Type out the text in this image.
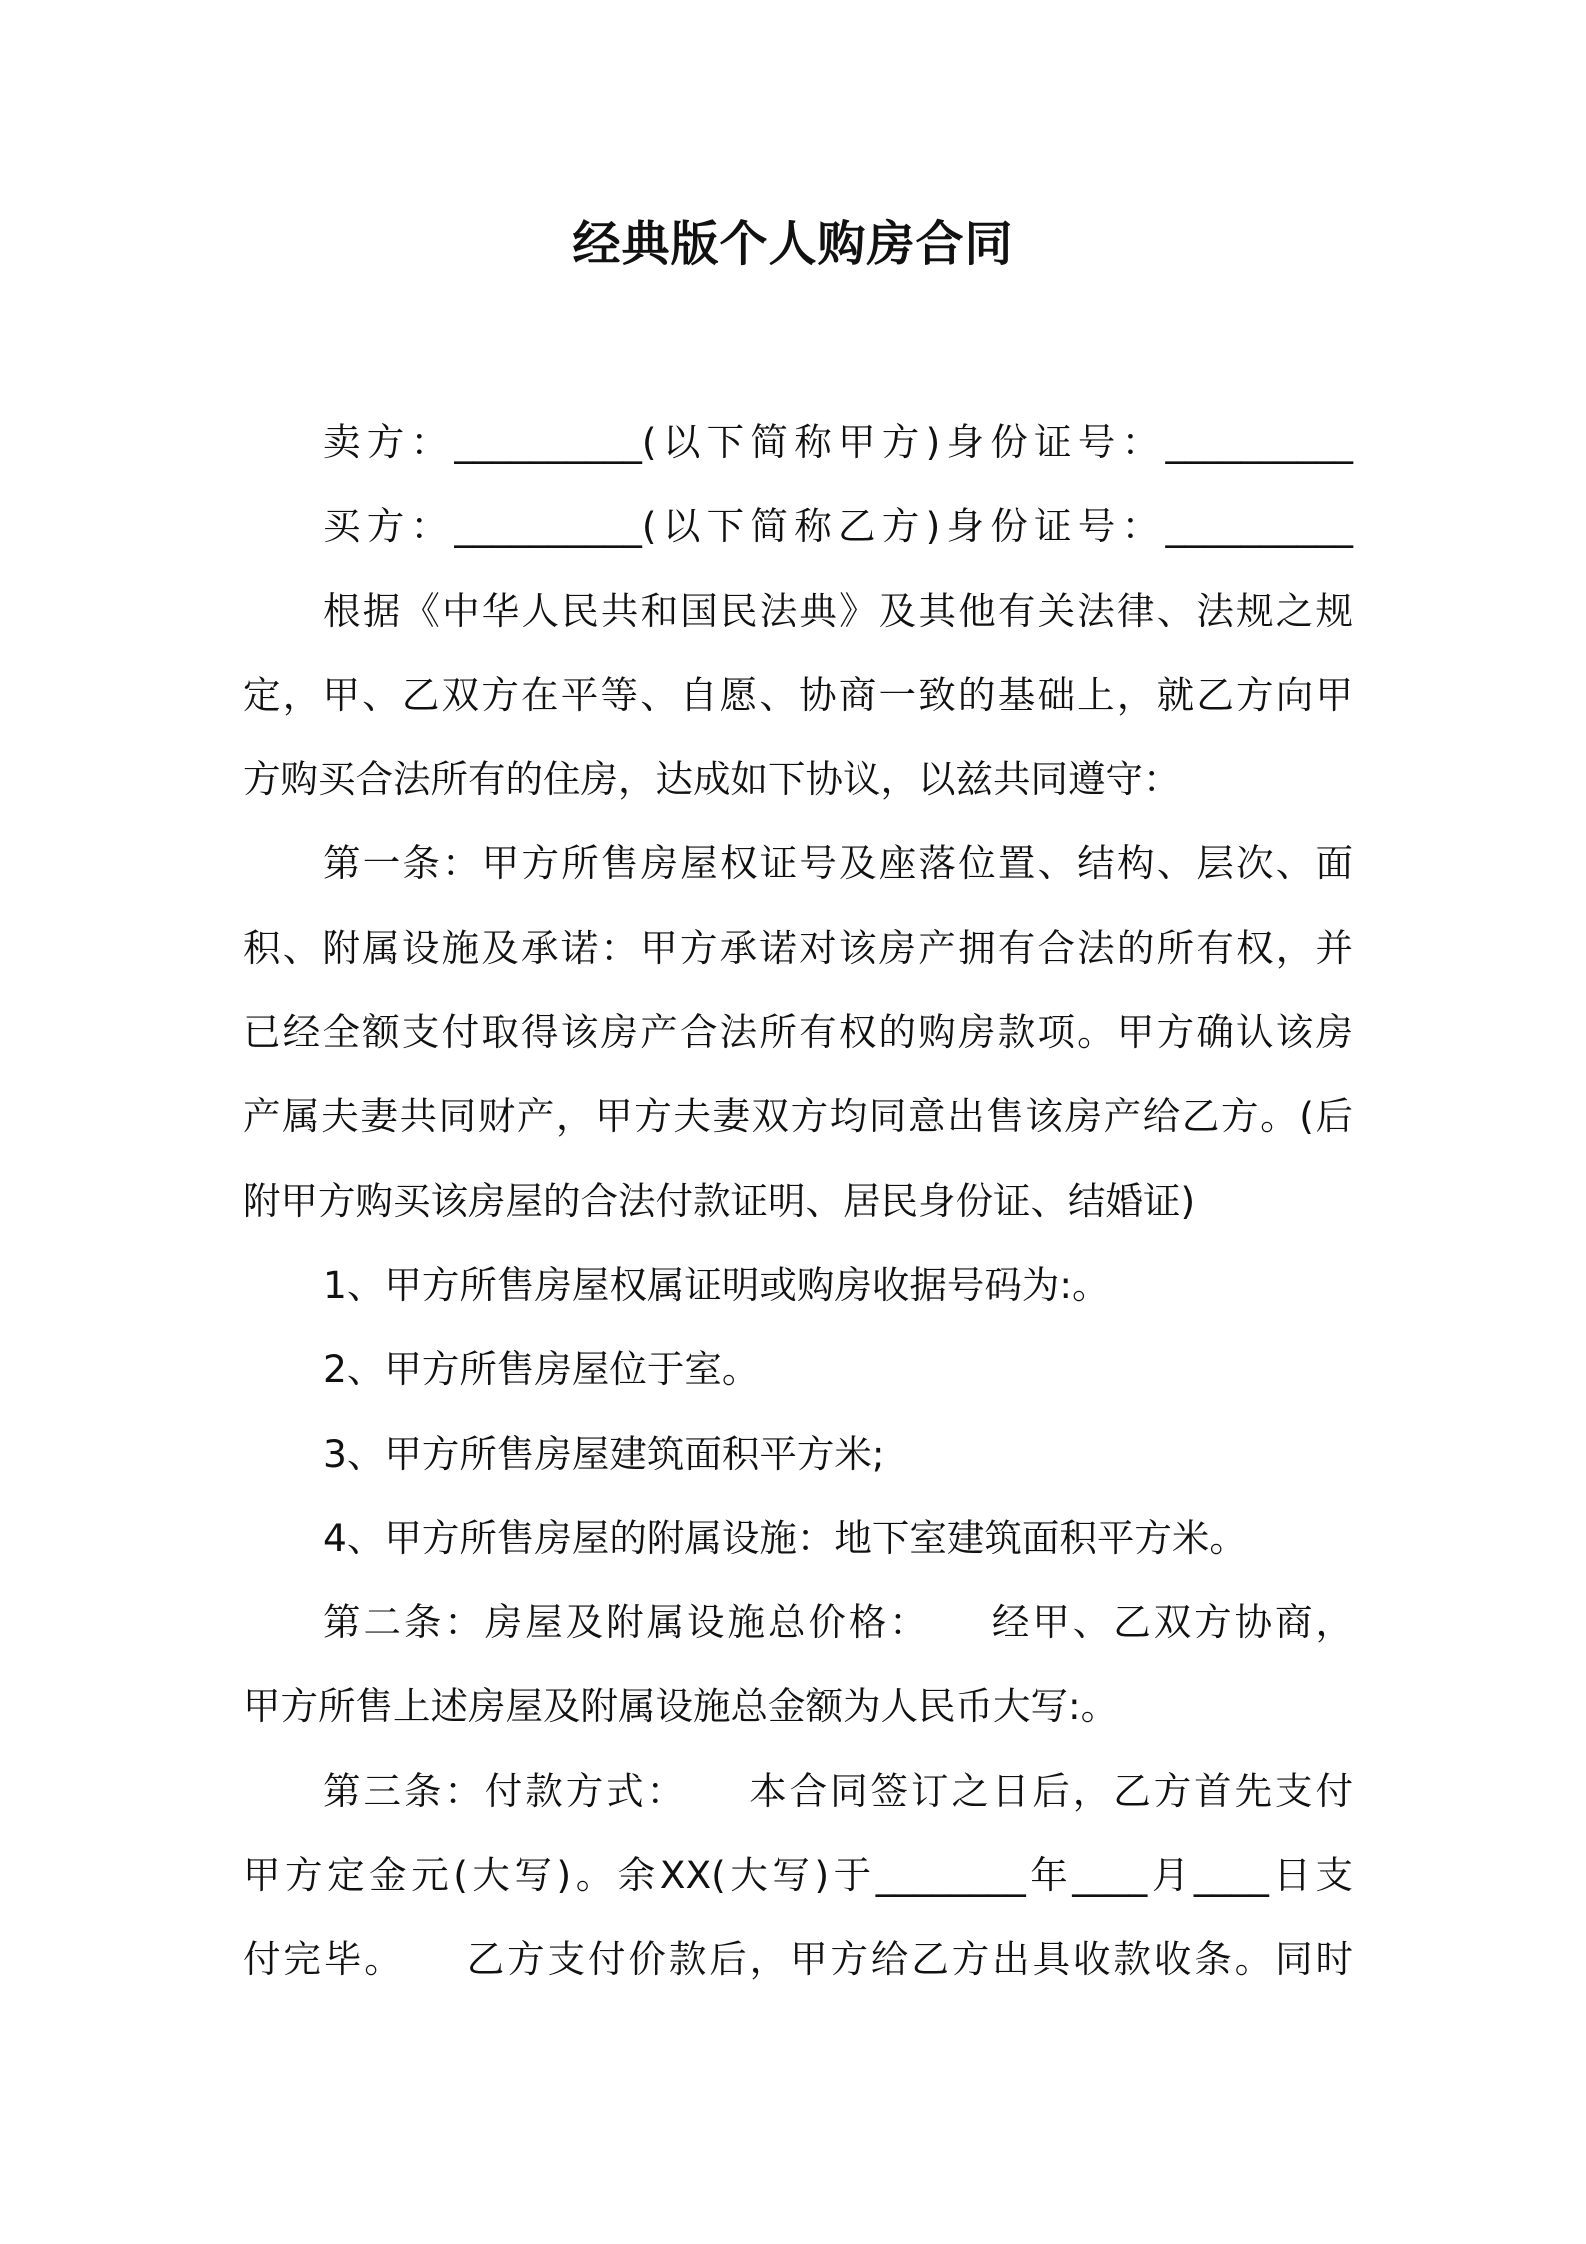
经典版个人购房合同
卖方：__________(以下简称甲方)身份证号：__________
买方：__________(以下简称乙方)身份证号：__________
根据《中华人民共和国民法典》及其他有关法律、法规之规
定，甲、乙双方在平等、自愿、协商一致的基础上，就乙方向甲
方购买合法所有的住房，达成如下协议，以兹共同遵守：
第一条：甲方所售房屋权证号及座落位置、结构、层次、面
积、附属设施及承诺：甲方承诺对该房产拥有合法的所有权，并
已经全额支付取得该房产合法所有权的购房款项。甲方确认该房
产属夫妻共同财产，甲方夫妻双方均同意出售该房产给乙方。(后
附甲方购买该房屋的合法付款证明、居民身份证、结婚证)
1、甲方所售房屋权属证明或购房收据号码为:。
2、甲方所售房屋位于室。
3、甲方所售房屋建筑面积平方米;
4、甲方所售房屋的附属设施：地下室建筑面积平方米。
第二条：房屋及附属设施总价格：　　经甲、乙双方协商，
甲方所售上述房屋及附属设施总金额为人民币大写:。
第三条：付款方式：　　本合同签订之日后，乙方首先支付
甲方定金元(大写)。余XX(大写)于________年____月____日支
付完毕。　　乙方支付价款后，甲方给乙方出具收款收条。同时
